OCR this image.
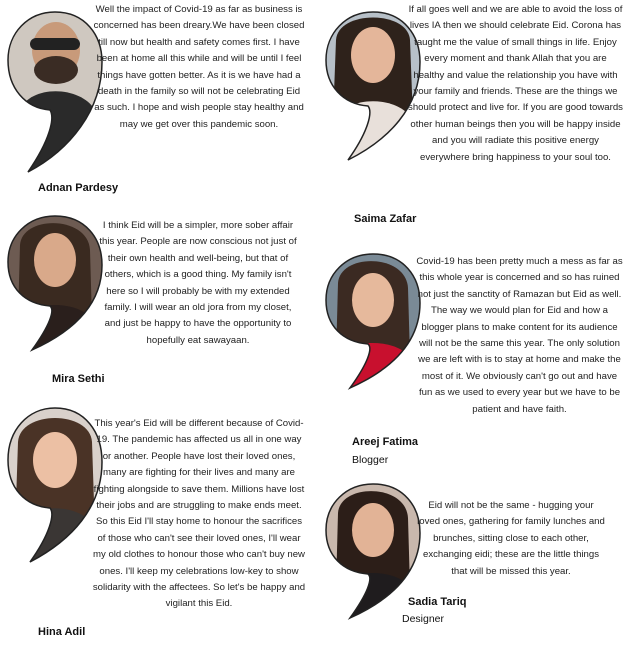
Well the impact of Covid-19 as far as business is concerned has been dreary.We have been closed till now but health and safety comes first. I have been at home all this while and will be until I feel things have gotten better. As it is we have had a death in the family so will not be celebrating Eid as such. I hope and wish people stay healthy and may we get over this pandemic soon.

Adnan Pardesy

If all goes well and we are able to avoid the loss of lives IA then we should celebrate Eid. Corona has taught me the value of small things in life. Enjoy every moment and thank Allah that you are healthy and value the relationship you have with your family and friends. These are the things we should protect and live for. If you are good towards other human beings then you will be happy inside and you will radiate this positive energy everywhere bring happiness to your soul too.

Saima Zafar

I think Eid will be a simpler, more sober affair this year. People are now conscious not just of their own health and well-being, but that of others, which is a good thing. My family isn't here so I will probably be with my extended family. I will wear an old jora from my closet, and just be happy to have the opportunity to hopefully eat sawayaan.

Mira Sethi

Covid-19 has been pretty much a mess as far as this whole year is concerned and so has ruined not just the sanctity of Ramazan but Eid as well. The way we would plan for Eid and how a blogger plans to make content for its audience will not be the same this year. The only solution we are left with is to stay at home and make the most of it. We obviously can't go out and have fun as we used to every year but we have to be patient and have faith.

Areej Fatima
Blogger

This year's Eid will be different because of Covid-19. The pandemic has affected us all in one way or another. People have lost their loved ones, many are fighting for their lives and many are fighting alongside to save them. Millions have lost their jobs and are struggling to make ends meet. So this Eid I'll stay home to honour the sacrifices of those who can't see their loved ones, I'll wear my old clothes to honour those who can't buy new ones. I'll keep my celebrations low-key to show solidarity with the affectees. So let's be happy and vigilant this Eid.

Hina Adil

Eid will not be the same - hugging your loved ones, gathering for family lunches and brunches, sitting close to each other, exchanging eidi; these are the little things that will be missed this year.

Sadia Tariq
Designer
